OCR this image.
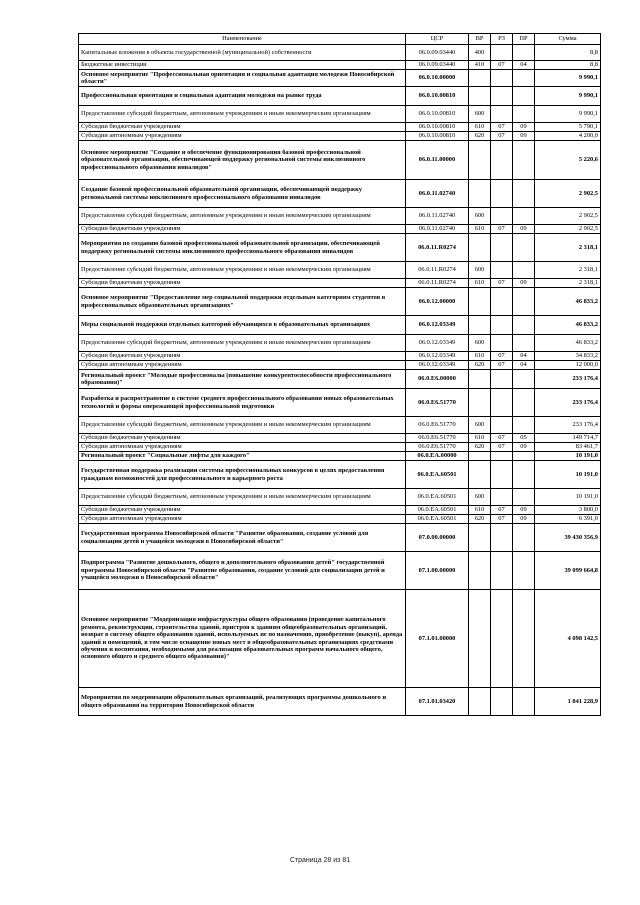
Наименование	ЦСР	ВР	РЗ	ПР	Сумма
Капитальные вложения в объекты государственной (муниципальной) собственности	06.0.09.03440	400			8,8
Бюджетные инвестиции	06.0.09.03440	410	07	04	8,8
Основное мероприятие "Профессиональная ориентация и социальная адаптация молодежи Новосибирской области"	06.0.10.00000				9 990,1
Профессиональная ориентация и социальная адаптация молодежи на рынке труда	06.0.10.00810				9 990,1
Предоставление субсидий бюджетным, автономным учреждениям и иным некоммерческим организациям	06.0.10.00810	600			9 990,1
Субсидии бюджетным учреждениям	06.0.10.00810	610	07	09	5 790,1
Субсидии автономным учреждениям	06.0.10.00810	620	07	09	4 200,0
Основное мероприятие "Создание и обеспечение функционирования базовой профессиональной образовательной организации, обеспечивающей поддержку региональной системы инклюзивного профессионального образования инвалидов"	06.0.11.00000				5 220,6
Создание базовой профессиональной образовательной организации, обеспечивающей поддержку региональной системы инклюзивного профессионального образования инвалидов	06.0.11.02740				2 902,5
Предоставление субсидий бюджетным, автономным учреждениям и иным некоммерческим организациям	06.0.11.02740	600			2 902,5
Субсидии бюджетным учреждениям	06.0.11.02740	610	07	09	2 902,5
Мероприятия по созданию базовой профессиональной образовательной организации, обеспечивающей поддержку региональной системы инклюзивного профессионального образования инвалидов	06.0.11.R0274				2 318,1
Предоставление субсидий бюджетным, автономным учреждениям и иным некоммерческим организациям	06.0.11.R0274	600			2 318,1
Субсидии бюджетным учреждениям	06.0.11.R0274	610	07	09	2 318,1
Основное мероприятие "Предоставление мер социальной поддержки отдельным категориям студентов в профессиональных образовательных организациях"	06.0.12.00000				46 833,2
Меры социальной поддержки отдельных категорий обучающихся в образовательных организациях	06.0.12.03349				46 833,2
Предоставление субсидий бюджетным, автономным учреждениям и иным некоммерческим организациям	06.0.12.03349	600			46 833,2
Субсидии бюджетным учреждениям	06.0.12.03349	610	07	04	34 833,2
Субсидии автономным учреждениям	06.0.12.03349	620	07	04	12 000,0
Региональный проект "Молодые профессионалы (повышение конкурентоспособности профессионального образования)"	06.0.E6.00000				233 176,4
Разработка и распространение в системе среднего профессионального образования новых образовательных технологий и формы опережающей профессиональной подготовки	06.0.E6.51770				233 176,4
Предоставление субсидий бюджетным, автономным учреждениям и иным некоммерческим организациям	06.0.E6.51770	600			233 176,4
Субсидии бюджетным учреждениям	06.0.E6.51770	610	07	05	149 714,7
Субсидии автономным учреждениям	06.0.E6.51770	620	07	09	83 461,7
Региональный проект "Социальные лифты для каждого"	06.0.EA.00000				10 191,0
Государственная поддержка реализации системы профессиональных конкурсов в целях предоставления гражданам возможностей для профессионального и карьерного роста	06.0.EA.60501				10 191,0
Предоставление субсидий бюджетным, автономным учреждениям и иным некоммерческим организациям	06.0.EA.60501	600			10 191,0
Субсидии бюджетным учреждениям	06.0.EA.60501	610	07	09	3 800,0
Субсидии автономным учреждениям	06.0.EA.60501	620	07	09	6 391,0
Государственная программа Новосибирской области "Развитие образования, создание условий для социализации детей и учащейся молодежи в Новосибирской области"	07.0.00.00000				39 430 356,9
Подпрограмма "Развитие дошкольного, общего и дополнительного образования детей" государственной программы Новосибирской области "Развитие образования, создание условий для социализации детей и учащейся молодежи в Новосибирской области"	07.1.00.00000				39 099 664,8
Основное мероприятие "Модернизация инфраструктуры общего образования (проведение капитального ремонта, реконструкции, строительства зданий, пристроя к зданиям общеобразовательных организаций, возврат в систему общего образования зданий, используемых не по назначению, приобретение (выкуп), аренда зданий и помещений, в том числе оснащение новых мест в общеобразовательных организациях средствами обучения и воспитания, необходимыми для реализации образовательных программ начального общего, основного общего и среднего общего образования)"	07.1.01.00000				4 098 142,5
Мероприятия по модернизации образовательных организаций, реализующих программы дошкольного и общего образования на территории Новосибирской области	07.1.01.03420				1 841 228,9
Страница 28 из 81
